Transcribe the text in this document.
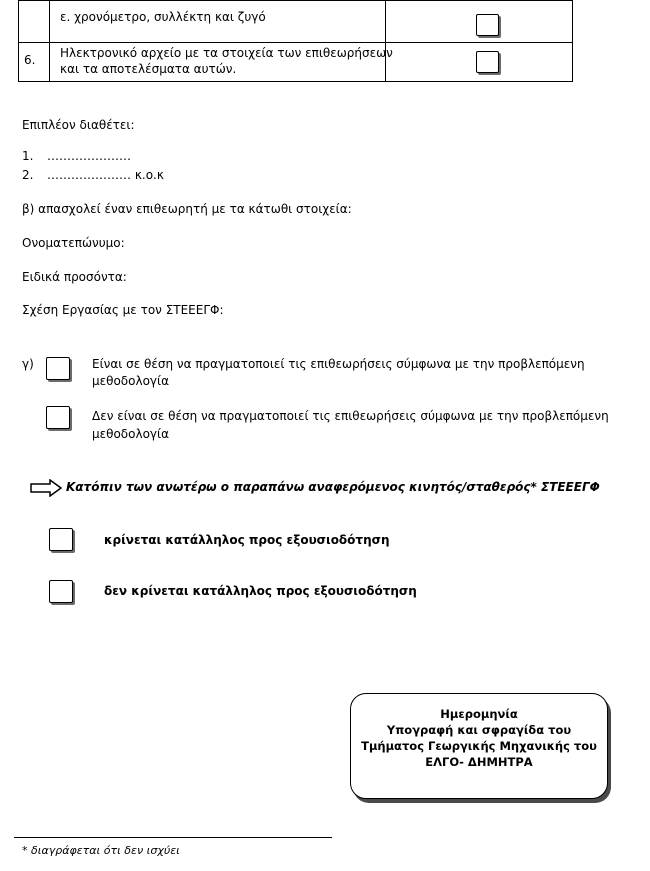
ε. χρονόμετρο, συλλέκτη και ζυγό
6. Ηλεκτρονικό αρχείο με τα στοιχεία των επιθεωρήσεων
και τα αποτελέσματα αυτών.
Επιπλέον διαθέτει:
1. …………………
2. ………………… κ.ο.κ
β) απασχολεί έναν επιθεωρητή με τα κάτωθι στοιχεία:
Ονοματεπώνυμο:
Ειδικά προσόντα:
Σχέση Εργασίας με τον ΣΤΕΕΕΓΦ:
γ)	Είναι σε θέση να πραγματοποιεί τις επιθεωρήσεις σύμφωνα με την προβλεπόμενη
μεθοδολογία
Δεν είναι σε θέση να πραγματοποιεί τις επιθεωρήσεις σύμφωνα με την προβλεπόμενη
μεθοδολογία
Κατόπιν των ανωτέρω ο παραπάνω αναφερόμενος κινητός/σταθερός* ΣΤΕΕΕΓΦ
κρίνεται κατάλληλος προς εξουσιοδότηση
δεν κρίνεται κατάλληλος προς εξουσιοδότηση
Ημερομηνία
Υπογραφή και σφραγίδα του
Τμήματος Γεωργικής Μηχανικής του
ΕΛΓΟ- ΔΗΜΗΤΡΑ
* διαγράφεται ότι δεν ισχύει
